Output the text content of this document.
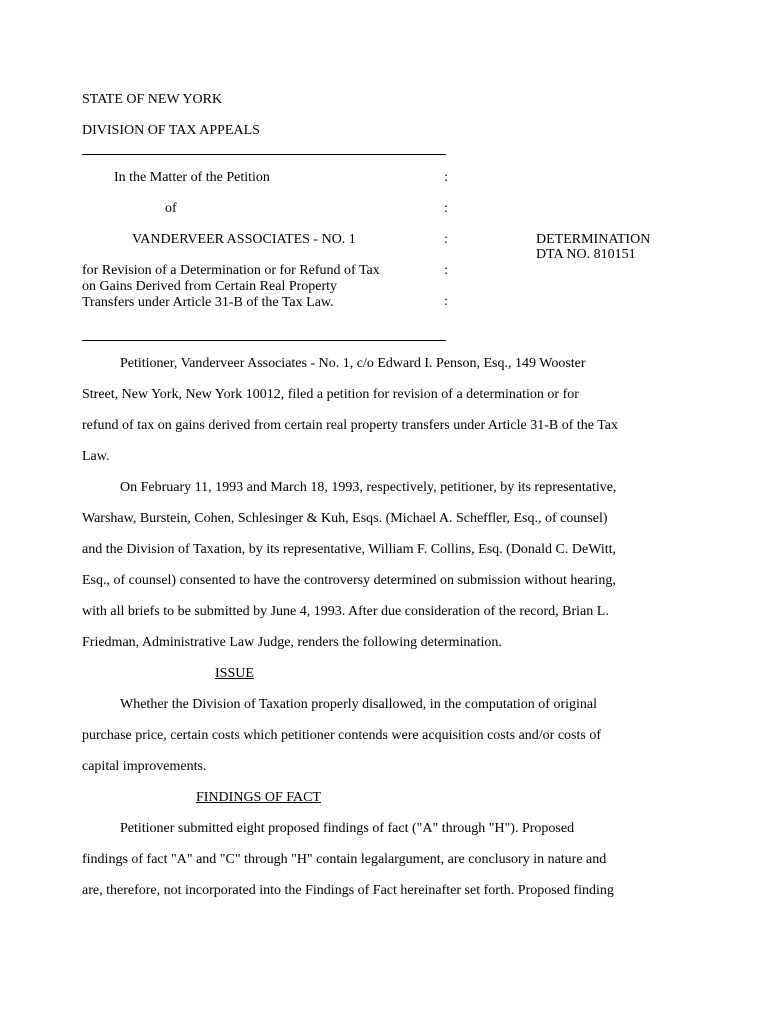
STATE OF NEW YORK
DIVISION OF TAX APPEALS
In the Matter of the Petition
of
VANDERVEER ASSOCIATES - NO. 1
for Revision of a Determination or for Refund of Tax on Gains Derived from Certain Real Property Transfers under Article 31-B of the Tax Law.
:
:
:
:
:
DETERMINATION
DTA NO. 810151
Petitioner, Vanderveer Associates - No. 1, c/o Edward I. Penson, Esq., 149 Wooster
Street, New York, New York 10012, filed a petition for revision of a determination or for
refund of tax on gains derived from certain real property transfers under Article 31-B of the Tax
Law.
On February 11, 1993 and March 18, 1993, respectively, petitioner, by its representative,
Warshaw, Burstein, Cohen, Schlesinger & Kuh, Esqs. (Michael A. Scheffler, Esq., of counsel)
and the Division of Taxation, by its representative, William F. Collins, Esq. (Donald C. DeWitt,
Esq., of counsel) consented to have the controversy determined on submission without hearing,
with all briefs to be submitted by June 4, 1993. After due consideration of the record, Brian L.
Friedman, Administrative Law Judge, renders the following determination.
ISSUE
Whether the Division of Taxation properly disallowed, in the computation of original
purchase price, certain costs which petitioner contends were acquisition costs and/or costs of
capital improvements.
FINDINGS OF FACT
Petitioner submitted eight proposed findings of fact ("A" through "H"). Proposed
findings of fact "A" and "C" through "H" contain legalargument, are conclusory in nature and
are, therefore, not incorporated into the Findings of Fact hereinafter set forth. Proposed finding
